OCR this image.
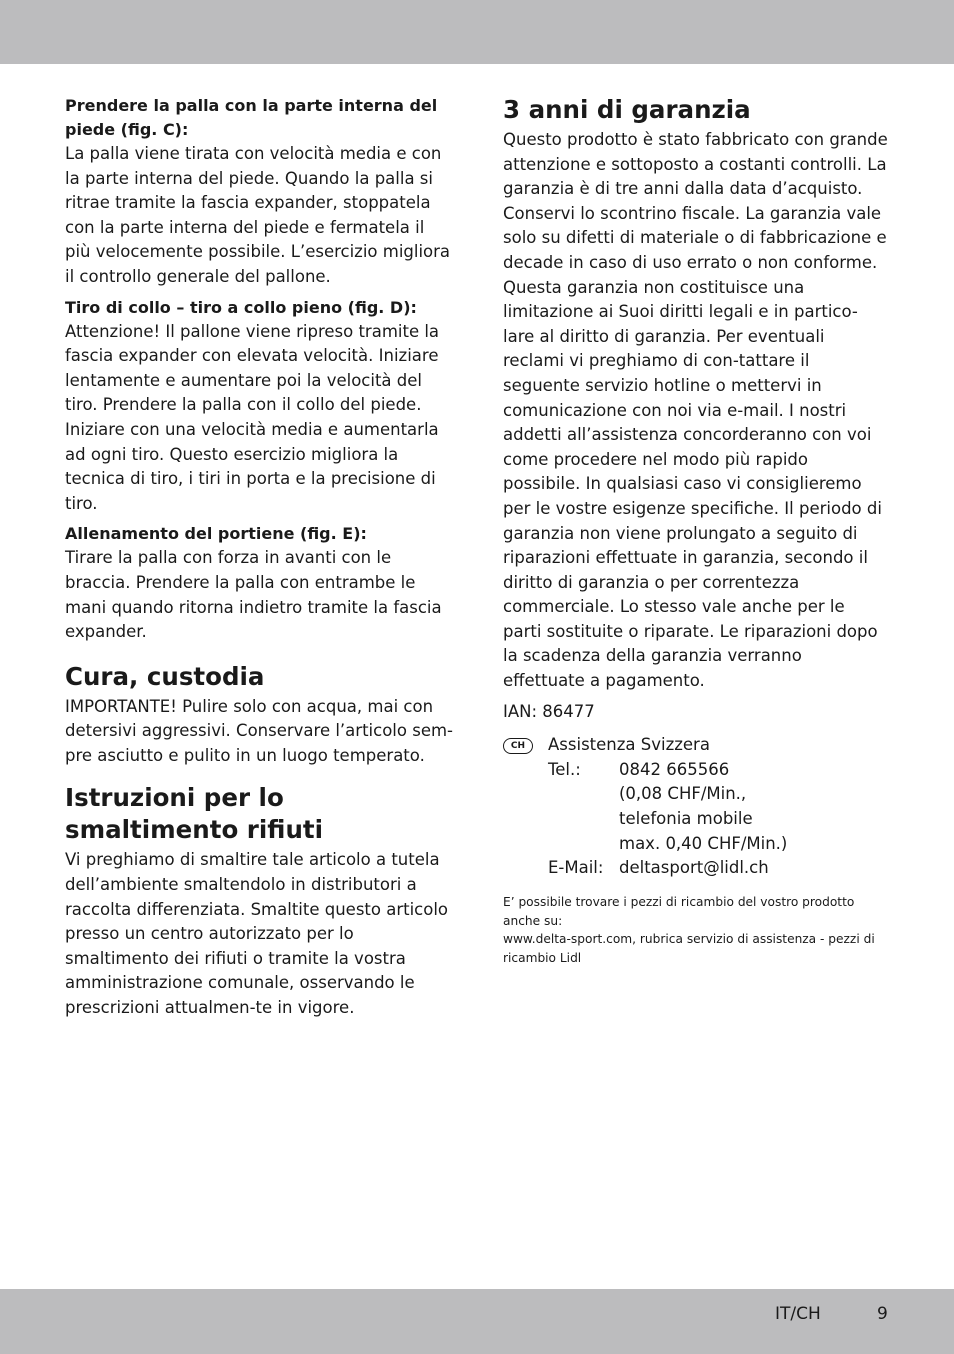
Prendere la palla con la parte interna del piede (fig. C):

La palla viene tirata con velocità media e con la parte interna del piede. Quando la palla si ritrae tramite la fascia expander, stoppatela con la parte interna del piede e fermatela il più velocemente possibile. L’esercizio migliora il controllo generale del pallone.

Tiro di collo – tiro a collo pieno (fig. D):

Attenzione! Il pallone viene ripreso tramite la fascia expander con elevata velocità. Iniziare lentamente e aumentare poi la velocità del tiro. Prendere la palla con il collo del piede. Iniziare con una velocità media e aumentarla ad ogni tiro. Questo esercizio migliora la tecnica di tiro, i tiri in porta e la precisione di tiro.

Allenamento del portiene (fig. E):

Tirare la palla con forza in avanti con le braccia. Prendere la palla con entrambe le mani quando ritorna indietro tramite la fascia expander.

Cura, custodia

IMPORTANTE! Pulire solo con acqua, mai con detersivi aggressivi. Conservare l’articolo sem-pre asciutto e pulito in un luogo temperato.

Istruzioni per lo smaltimento rifiuti

Vi preghiamo di smaltire tale articolo a tutela dell’ambiente smaltendolo in distributori a raccolta differenziata. Smaltite questo articolo presso un centro autorizzato per lo smaltimento dei rifiuti o tramite la vostra amministrazione comunale, osservando le prescrizioni attualmen-te in vigore.

3 anni di garanzia

Questo prodotto è stato fabbricato con grande attenzione e sottoposto a costanti controlli. La garanzia è di tre anni dalla data d’acquisto. Conservi lo scontrino fiscale. La garanzia vale solo su difetti di materiale o di fabbricazione e decade in caso di uso errato o non conforme. Questa garanzia non costituisce una limitazione ai Suoi diritti legali e in partico-lare al diritto di garanzia. Per eventuali reclami vi preghiamo di con-tattare il seguente servizio hotline o mettervi in comunicazione con noi via e-mail. I nostri addetti all’assistenza concorderanno con voi come procedere nel modo più rapido possibile. In qualsiasi caso vi consiglieremo per le vostre esigenze specifiche. Il periodo di garanzia non viene prolungato a seguito di riparazioni effettuate in garanzia, secondo il diritto di garanzia o per correntezza commerciale. Lo stesso vale anche per le parti sostituite o riparate. Le riparazioni dopo la scadenza della garanzia verranno effettuate a pagamento.

IAN: 86477

CH	Assistenza Svizzera
Tel.: 0842 665566
(0,08 CHF/Min.,
telefonia mobile
max. 0,40 CHF/Min.)
E-Mail: deltasport@lidl.ch

E’ possibile trovare i pezzi di ricambio del vostro prodotto anche su:

www.delta-sport.com, rubrica servizio di assistenza - pezzi di ricambio Lidl

IT/CH	9
